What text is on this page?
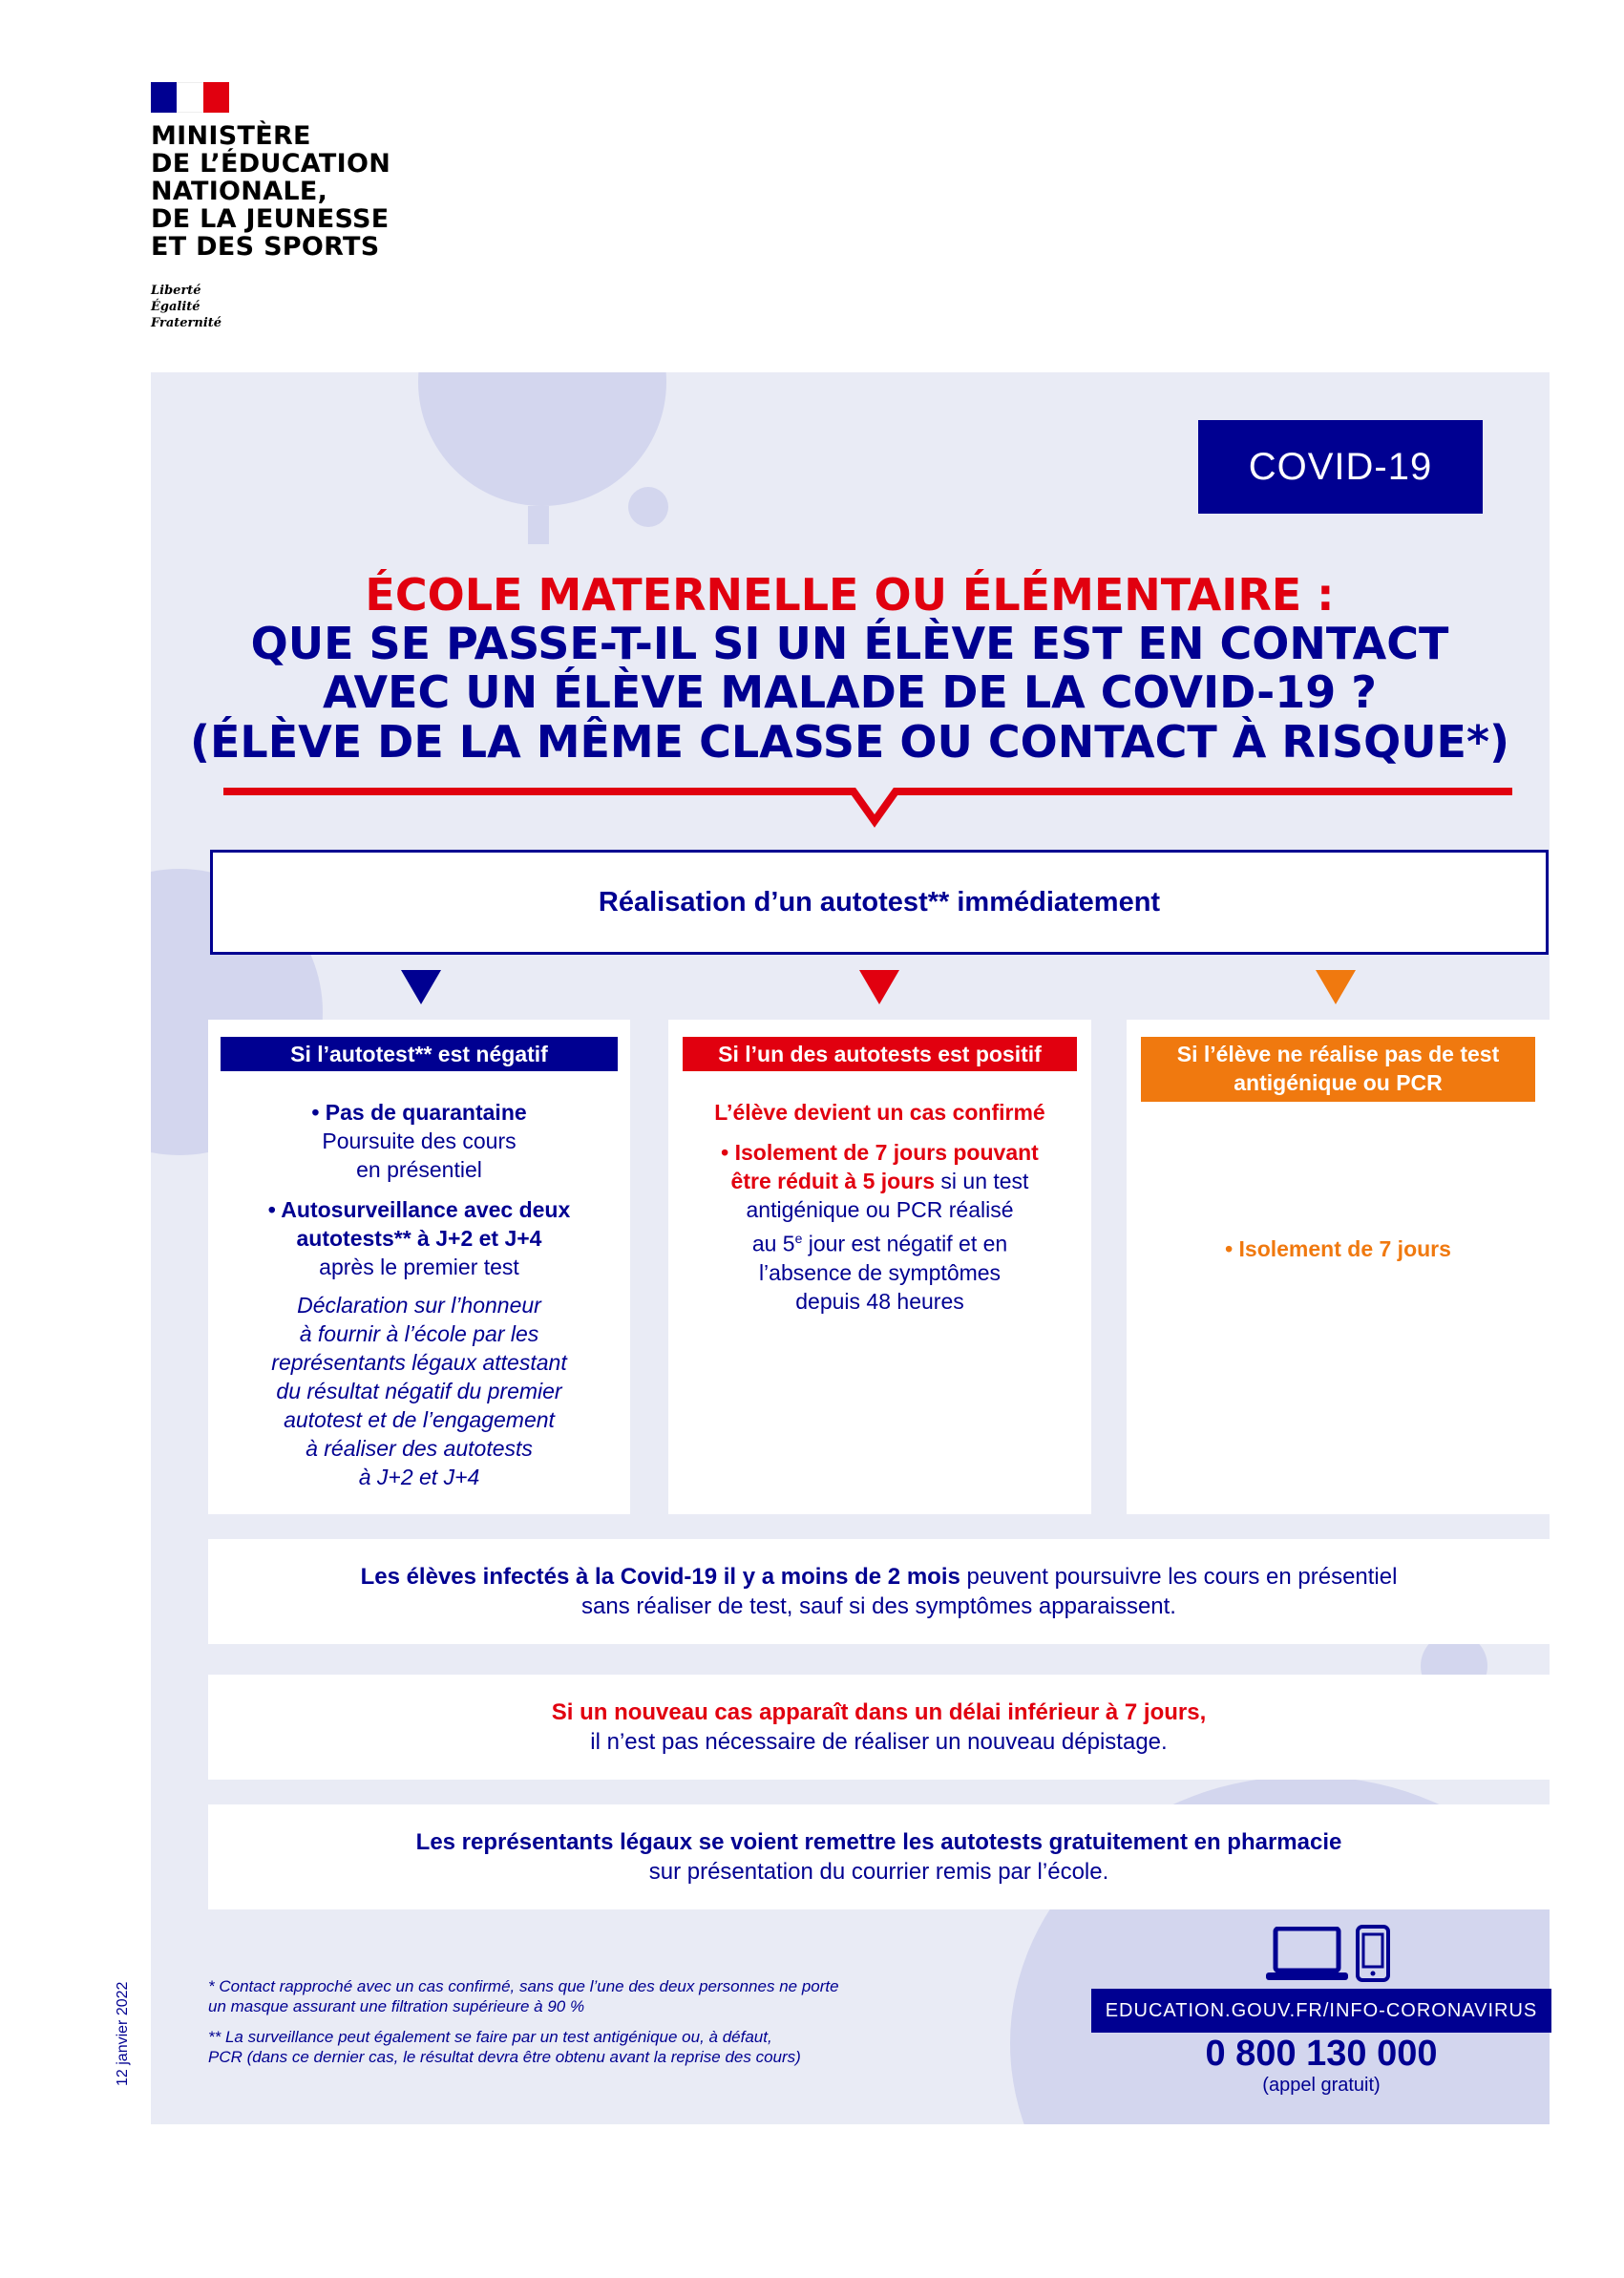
MINISTÈRE
DE L’ÉDUCATION
NATIONALE,
DE LA JEUNESSE
ET DES SPORTS
Liberté
Égalité
Fraternité
COVID-19
ÉCOLE MATERNELLE OU ÉLÉMENTAIRE :
QUE SE PASSE-T-IL SI UN ÉLÈVE EST EN CONTACT
AVEC UN ÉLÈVE MALADE DE LA COVID-19 ?
(ÉLÈVE DE LA MÊME CLASSE OU CONTACT À RISQUE*)
Réalisation d’un autotest** immédiatement
Si l’autotest** est négatif

• Pas de quarantaine

Poursuite des cours

en présentiel

• Autosurveillance avec deux

autotests** à J+2 et J+4

après le premier test

Déclaration sur l’honneur

à fournir à l’école par les

représentants légaux attestant

du résultat négatif du premier

autotest et de l’engagement

à réaliser des autotests

à J+2 et J+4

Si l’un des autotests est positif

L’élève devient un cas confirmé

• Isolement de 7 jours pouvant

être réduit à 5 jours si un test

antigénique ou PCR réalisé

au 5e jour est négatif et en

l’absence de symptômes

depuis 48 heures

Si l’élève ne réalise pas de test antigénique ou PCR

• Isolement de 7 jours

Les élèves infectés à la Covid-19 il y a moins de 2 mois peuvent poursuivre les cours en présentiel
sans réaliser de test, sauf si des symptômes apparaissent.
Si un nouveau cas apparaît dans un délai inférieur à 7 jours,
il n’est pas nécessaire de réaliser un nouveau dépistage.
Les représentants légaux se voient remettre les autotests gratuitement en pharmacie
sur présentation du courrier remis par l’école.

* Contact rapproché avec un cas confirmé, sans que l’une des deux personnes ne porte
un masque assurant une filtration supérieure à 90 %

** La surveillance peut également se faire par un test antigénique ou, à défaut,
PCR (dans ce dernier cas, le résultat devra être obtenu avant la reprise des cours)

EDUCATION.GOUV.FR/INFO-CORONAVIRUS
0 800 130 000
(appel gratuit)
12 janvier 2022
